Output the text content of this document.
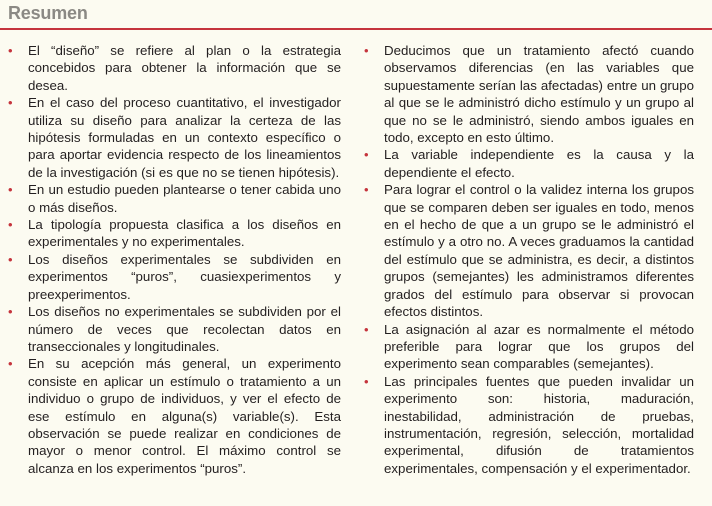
Resumen
• El “diseño” se refiere al plan o la estrategia concebidos para obtener la información que se desea.
• En el caso del proceso cuantitativo, el investigador utiliza su diseño para analizar la certeza de las hipótesis formuladas en un contexto específico o para aportar evidencia respecto de los lineamientos de la investigación (si es que no se tienen hipótesis).
• En un estudio pueden plantearse o tener cabida uno o más diseños.
• La tipología propuesta clasifica a los diseños en experimentales y no experimentales.
• Los diseños experimentales se subdividen en experimentos “puros”, cuasiexperimentos y preexperimentos.
• Los diseños no experimentales se subdividen por el número de veces que recolectan datos en transeccionales y longitudinales.
• En su acepción más general, un experimento consiste en aplicar un estímulo o tratamiento a un individuo o grupo de individuos, y ver el efecto de ese estímulo en alguna(s) variable(s). Esta observación se puede realizar en condiciones de mayor o menor control. El máximo control se alcanza en los experimentos “puros”.
• Deducimos que un tratamiento afectó cuando observamos diferencias (en las variables que supuestamente serían las afectadas) entre un grupo al que se le administró dicho estímulo y un grupo al que no se le administró, siendo ambos iguales en todo, excepto en esto último.
• La variable independiente es la causa y la dependiente el efecto.
• Para lograr el control o la validez interna los grupos que se comparen deben ser iguales en todo, menos en el hecho de que a un grupo se le administró el estímulo y a otro no. A veces graduamos la cantidad del estímulo que se administra, es decir, a distintos grupos (semejantes) les administramos diferentes grados del estímulo para observar si provocan efectos distintos.
• La asignación al azar es normalmente el método preferible para lograr que los grupos del experimento sean comparables (semejantes).
• Las principales fuentes que pueden invalidar un experimento son: historia, maduración, inestabilidad, administración de pruebas, instrumentación, regresión, selección, mortalidad experimental, difusión de tratamientos experimentales, compensación y el experimentador.
